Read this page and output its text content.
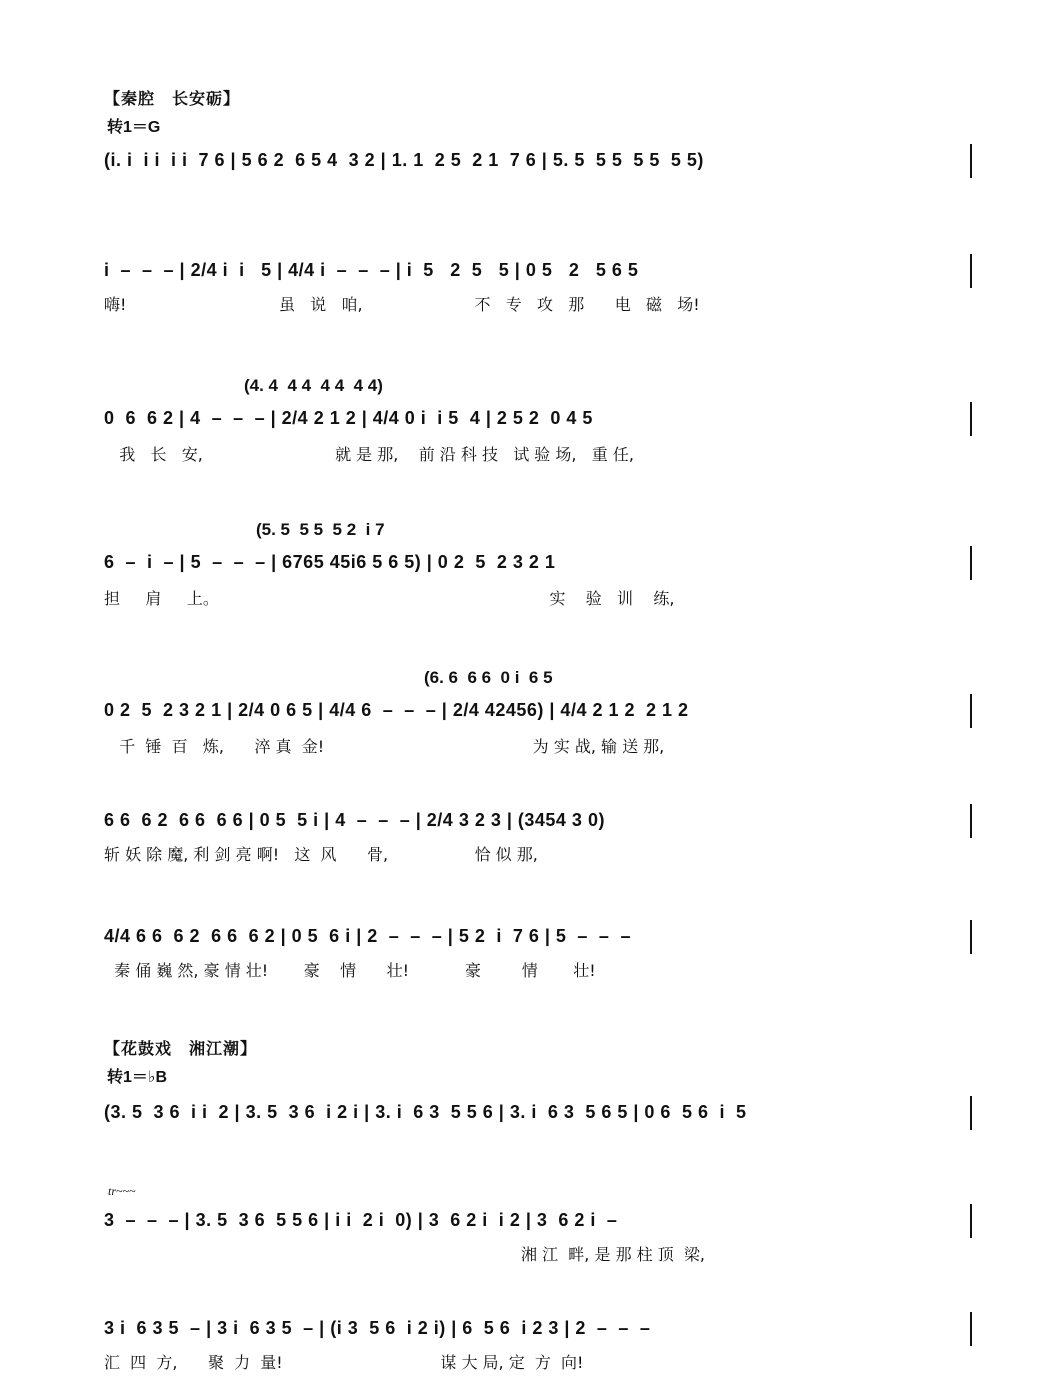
【秦腔　长安砺】
转1＝G
(i. i  i i  i i  7 6 | 5 6 2  6 5 4  3 2 | 1. 1  2 5  2 1  7 6 | 5. 5  5 5  5 5  5 5)
i  –  –  – | 2/4 i  i   5 | 4/4 i  –  –  – | i  5   2  5   5 | 0 5   2   5 6 5
嗨!                              虽   说   咱,                      不   专   攻   那      电   磁   场!
(4. 4  4 4  4 4  4 4)
0  6  6 2 | 4  –  –  – | 2/4 2 1 2 | 4/4 0 i  i 5  4 | 2 5 2  0 4 5
我   长   安,                          就 是 那,    前 沿 科 技   试 验 场,   重 任,
(5. 5  5 5  5 2  i 7
6  –  i  – | 5  –  –  – | 6765 45i6 5 6 5) | 0 2  5  2 3 2 1
担     肩     上。                                                                 实    验   训    练,
(6. 6  6 6  0 i  6 5
0 2  5  2 3 2 1 | 2/4 0 6 5 | 4/4 6  –  –  – | 2/4 42456) | 4/4 2 1 2  2 1 2
千  锤  百   炼,      淬 真  金!                                         为 实 战, 输 送 那,
6 6  6 2  6 6  6 6 | 0 5  5 i | 4  –  –  – | 2/4 3 2 3 | (3454 3 0)
斩 妖 除 魔, 利 剑 亮 啊!   这  风      骨,                 恰 似 那,
4/4 6 6  6 2  6 6  6 2 | 0 5  6 i | 2  –  –  – | 5 2  i  7 6 | 5  –  –  –
秦 俑 巍 然, 豪 情 壮!       豪    情      壮!           豪        情       壮!
【花鼓戏　湘江潮】
转1＝♭B
(3. 5  3 6  i i  2 | 3. 5  3 6  i 2 i | 3. i  6 3  5 5 6 | 3. i  6 3  5 6 5 | 0 6  5 6  i  5
tr~~~
3  –  –  – | 3. 5  3 6  5 5 6 | i i  2 i  0) | 3  6 2 i  i 2 | 3  6 2 i  –
湘 江  畔, 是 那 柱 顶  梁,
3 i  6 3 5  – | 3 i  6 3 5  – | (i 3  5 6  i 2 i) | 6  5 6  i 2 3 | 2  –  –  –
汇  四  方,      聚  力  量!                               谋 大 局, 定  方  向!
